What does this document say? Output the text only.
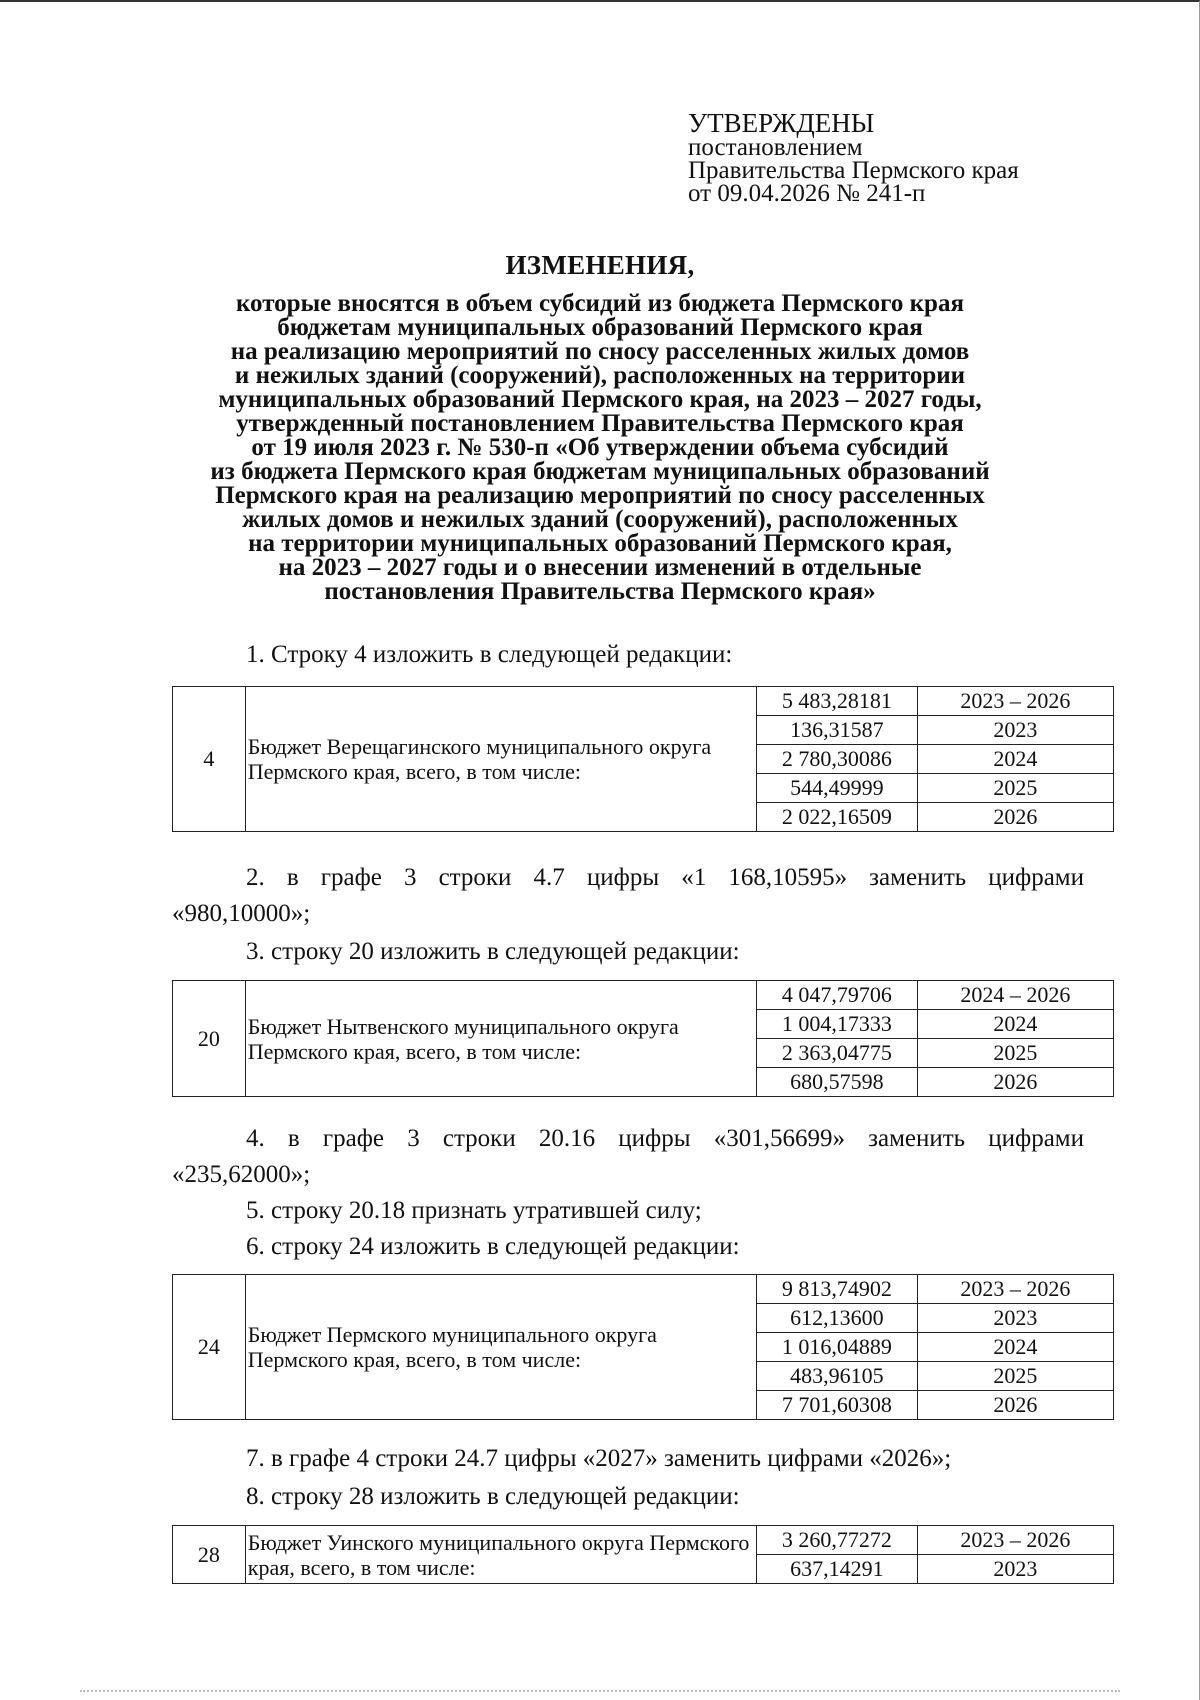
УТВЕРЖДЕНЫ
постановлением
Правительства Пермского края
от 09.04.2026 № 241-п
ИЗМЕНЕНИЯ,
которые вносятся в объем субсидий из бюджета Пермского края
бюджетам муниципальных образований Пермского края
на реализацию мероприятий по сносу расселенных жилых домов
и нежилых зданий (сооружений), расположенных на территории
муниципальных образований Пермского края, на 2023 – 2027 годы,
утвержденный постановлением Правительства Пермского края
от 19 июля 2023 г. № 530-п «Об утверждении объема субсидий
из бюджета Пермского края бюджетам муниципальных образований
Пермского края на реализацию мероприятий по сносу расселенных
жилых домов и нежилых зданий (сооружений), расположенных
на территории муниципальных образований Пермского края,
на 2023 – 2027 годы и о внесении изменений в отдельные
постановления Правительства Пермского края»
1. Строку 4 изложить в следующей редакции:
4	Бюджет Верещагинского муниципального округа Пермского края, всего, в том числе:	5 483,28181	2023 – 2026
		136,31587	2023
		2 780,30086	2024
		544,49999	2025
		2 022,16509	2026
2. в графе 3 строки 4.7 цифры «1 168,10595» заменить цифрами «980,10000»;
3. строку 20 изложить в следующей редакции:
20	Бюджет Нытвенского муниципального округа Пермского края, всего, в том числе:	4 047,79706	2024 – 2026
		1 004,17333	2024
		2 363,04775	2025
		680,57598	2026
4. в графе 3 строки 20.16 цифры «301,56699» заменить цифрами «235,62000»;
5. строку 20.18 признать утратившей силу;
6. строку 24 изложить в следующей редакции:
24	Бюджет Пермского муниципального округа Пермского края, всего, в том числе:	9 813,74902	2023 – 2026
		612,13600	2023
		1 016,04889	2024
		483,96105	2025
		7 701,60308	2026
7. в графе 4 строки 24.7 цифры «2027» заменить цифрами «2026»;
8. строку 28 изложить в следующей редакции:
28	Бюджет Уинского муниципального округа Пермского края, всего, в том числе:	3 260,77272	2023 – 2026
		637,14291	2023
